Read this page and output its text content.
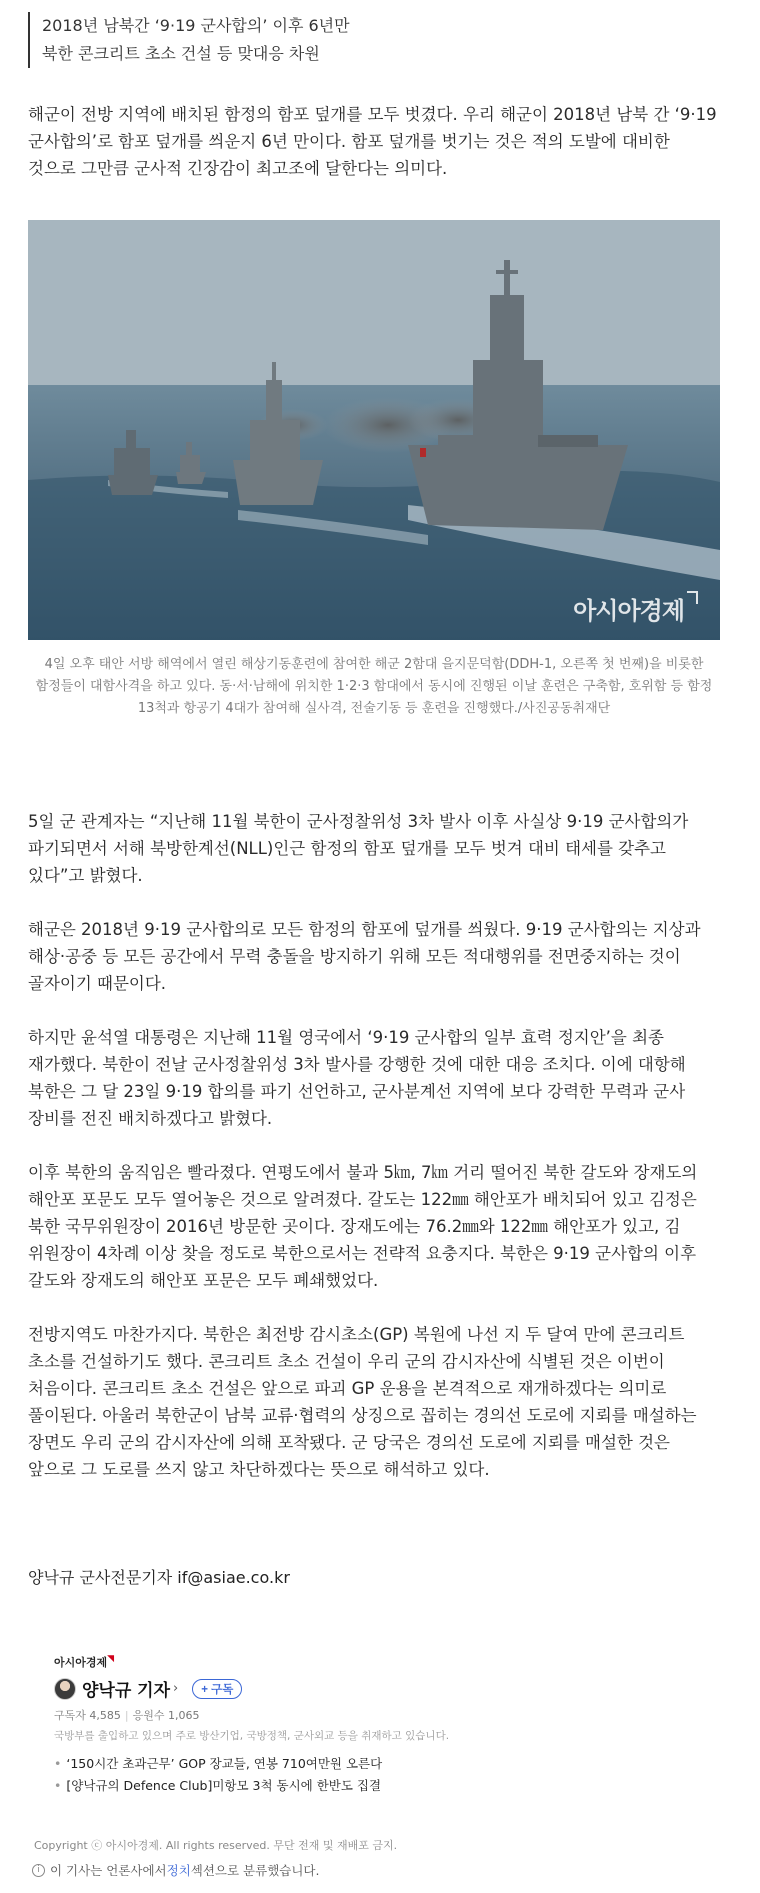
2018년 남북간 ‘9·19 군사합의’ 이후 6년만
북한 콘크리트 초소 건설 등 맞대응 차원

해군이 전방 지역에 배치된 함정의 함포 덮개를 모두 벗겼다. 우리 해군이 2018년 남북 간 ‘9·19 군사합의’로 함포 덮개를 씌운지 6년 만이다. 함포 덮개를 벗기는 것은 적의 도발에 대비한 것으로 그만큼 군사적 긴장감이 최고조에 달한다는 의미다.

아시아경제

4일 오후 태안 서방 해역에서 열린 해상기동훈련에 참여한 해군 2함대 을지문덕함(DDH-1, 오른쪽 첫 번째)을 비롯한 함정들이 대함사격을 하고 있다. 동·서·남해에 위치한 1·2·3 함대에서 동시에 진행된 이날 훈련은 구축함, 호위함 등 함정 13척과 항공기 4대가 참여해 실사격, 전술기동 등 훈련을 진행했다./사진공동취재단

5일 군 관계자는 “지난해 11월 북한이 군사정찰위성 3차 발사 이후 사실상 9·19 군사합의가 파기되면서 서해 북방한계선(NLL)인근 함정의 함포 덮개를 모두 벗겨 대비 태세를 갖추고 있다”고 밝혔다.

해군은 2018년 9·19 군사합의로 모든 함정의 함포에 덮개를 씌웠다. 9·19 군사합의는 지상과 해상·공중 등 모든 공간에서 무력 충돌을 방지하기 위해 모든 적대행위를 전면중지하는 것이 골자이기 때문이다.

하지만 윤석열 대통령은 지난해 11월 영국에서 ‘9·19 군사합의 일부 효력 정지안’을 최종 재가했다. 북한이 전날 군사정찰위성 3차 발사를 강행한 것에 대한 대응 조치다. 이에 대항해 북한은 그 달 23일 9·19 합의를 파기 선언하고, 군사분계선 지역에 보다 강력한 무력과 군사 장비를 전진 배치하겠다고 밝혔다.

이후 북한의 움직임은 빨라졌다. 연평도에서 불과 5㎞, 7㎞ 거리 떨어진 북한 갈도와 장재도의 해안포 포문도 모두 열어놓은 것으로 알려졌다. 갈도는 122㎜ 해안포가 배치되어 있고 김정은 북한 국무위원장이 2016년 방문한 곳이다. 장재도에는 76.2㎜와 122㎜ 해안포가 있고, 김 위원장이 4차례 이상 찾을 정도로 북한으로서는 전략적 요충지다. 북한은 9·19 군사합의 이후 갈도와 장재도의 해안포 포문은 모두 폐쇄했었다.

전방지역도 마찬가지다. 북한은 최전방 감시초소(GP) 복원에 나선 지 두 달여 만에 콘크리트 초소를 건설하기도 했다. 콘크리트 초소 건설이 우리 군의 감시자산에 식별된 것은 이번이 처음이다. 콘크리트 초소 건설은 앞으로 파괴 GP 운용을 본격적으로 재개하겠다는 의미로 풀이된다. 아울러 북한군이 남북 교류·협력의 상징으로 꼽히는 경의선 도로에 지뢰를 매설하는 장면도 우리 군의 감시자산에 의해 포착됐다. 군 당국은 경의선 도로에 지뢰를 매설한 것은 앞으로 그 도로를 쓰지 않고 차단하겠다는 뜻으로 해석하고 있다.

양낙규 군사전문기자 if@asiae.co.kr

아시아경제◥
양낙규 기자 ›	+ 구독
구독자 4,585 | 응원수 1,065
국방부를 출입하고 있으며 주로 방산기업, 국방정책, 군사외교 등을 취재하고 있습니다.
• ‘150시간 초과근무’ GOP 장교들, 연봉 710여만원 오른다
• [양낙규의 Defence Club]미항모 3척 동시에 한반도 집결

Copyright ⓒ 아시아경제. All rights reserved. 무단 전재 및 재배포 금지.

i 이 기사는 언론사에서 정치 섹션으로 분류했습니다.
